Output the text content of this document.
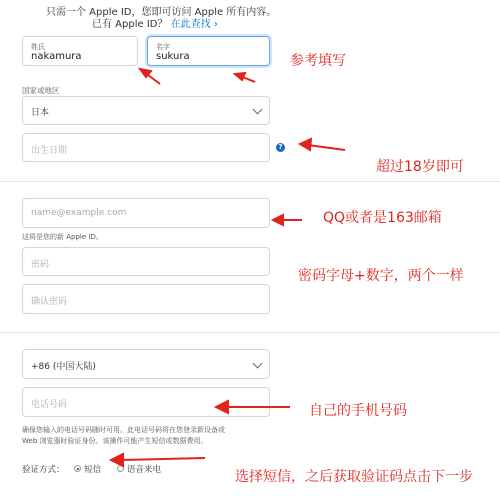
只需一个 Apple ID，您即可访问 Apple 所有内容。
已有 Apple ID？ 在此查找 ›
姓氏
nakamura
名字
sukura
国家或地区
日本
出生日期	?
name@example.com
这将是您的新 Apple ID。
密码
确认密码
+86 (中国大陆)
电话号码
确保您输入的电话号码随时可用。此电话号码将在您登录新设备或
Web 浏览器时验证身份。该操作可能产生短信或数据费用。
验证方式： 短信	语音来电
参考填写
超过18岁即可
QQ或者是163邮箱
密码字母+数字，两个一样
自己的手机号码
选择短信，之后获取验证码点击下一步
